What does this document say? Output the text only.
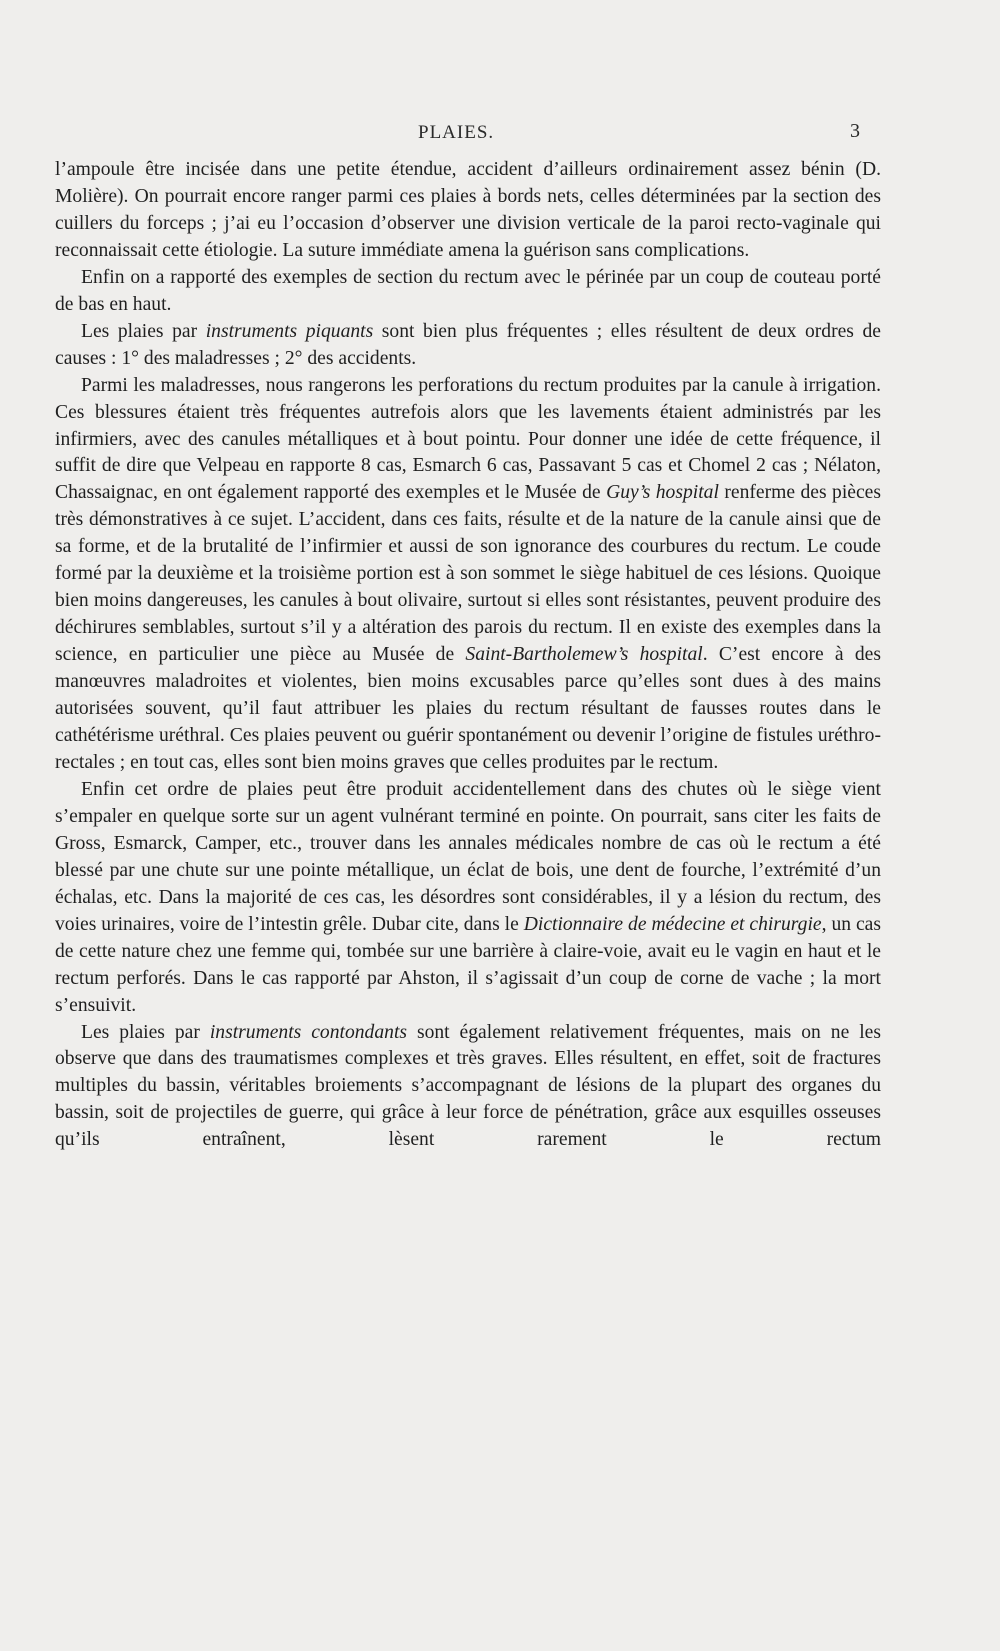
PLAIES.	3

l’ampoule être incisée dans une petite étendue, accident d’ailleurs ordinairement assez bénin (D. Molière). On pourrait encore ranger parmi ces plaies à bords nets, celles déterminées par la section des cuillers du forceps ; j’ai eu l’occasion d’observer une division verticale de la paroi recto-vaginale qui reconnaissait cette étiologie. La suture immédiate amena la guérison sans complications.

Enfin on a rapporté des exemples de section du rectum avec le périnée par un coup de couteau porté de bas en haut.

Les plaies par instruments piquants sont bien plus fréquentes ; elles résultent de deux ordres de causes : 1° des maladresses ; 2° des accidents.

Parmi les maladresses, nous rangerons les perforations du rectum produites par la canule à irrigation. Ces blessures étaient très fréquentes autrefois alors que les lavements étaient administrés par les infirmiers, avec des canules métalliques et à bout pointu. Pour donner une idée de cette fréquence, il suffit de dire que Velpeau en rapporte 8 cas, Esmarch 6 cas, Passavant 5 cas et Chomel 2 cas ; Nélaton, Chassaignac, en ont également rapporté des exemples et le Musée de Guy’s hospital renferme des pièces très démonstratives à ce sujet. L’accident, dans ces faits, résulte et de la nature de la canule ainsi que de sa forme, et de la brutalité de l’infirmier et aussi de son ignorance des courbures du rectum. Le coude formé par la deuxième et la troisième portion est à son sommet le siège habituel de ces lésions. Quoique bien moins dangereuses, les canules à bout olivaire, surtout si elles sont résistantes, peuvent produire des déchirures semblables, surtout s’il y a altération des parois du rectum. Il en existe des exemples dans la science, en particulier une pièce au Musée de Saint-Bartholemew’s hospital. C’est encore à des manœuvres maladroites et violentes, bien moins excusables parce qu’elles sont dues à des mains autorisées souvent, qu’il faut attribuer les plaies du rectum résultant de fausses routes dans le cathétérisme uréthral. Ces plaies peuvent ou guérir spontanément ou devenir l’origine de fistules uréthro-rectales ; en tout cas, elles sont bien moins graves que celles produites par le rectum.

Enfin cet ordre de plaies peut être produit accidentellement dans des chutes où le siège vient s’empaler en quelque sorte sur un agent vulnérant terminé en pointe. On pourrait, sans citer les faits de Gross, Esmarck, Camper, etc., trouver dans les annales médicales nombre de cas où le rectum a été blessé par une chute sur une pointe métallique, un éclat de bois, une dent de fourche, l’extrémité d’un échalas, etc. Dans la majorité de ces cas, les désordres sont considérables, il y a lésion du rectum, des voies urinaires, voire de l’intestin grêle. Dubar cite, dans le Dictionnaire de médecine et chirurgie, un cas de cette nature chez une femme qui, tombée sur une barrière à claire-voie, avait eu le vagin en haut et le rectum perforés. Dans le cas rapporté par Ahston, il s’agissait d’un coup de corne de vache ; la mort s’ensuivit.

Les plaies par instruments contondants sont également relativement fréquentes, mais on ne les observe que dans des traumatismes complexes et très graves. Elles résultent, en effet, soit de fractures multiples du bassin, véritables broiements s’accompagnant de lésions de la plupart des organes du bassin, soit de projectiles de guerre, qui grâce à leur force de pénétration, grâce aux esquilles osseuses qu’ils entraînent, lèsent rarement le rectum
